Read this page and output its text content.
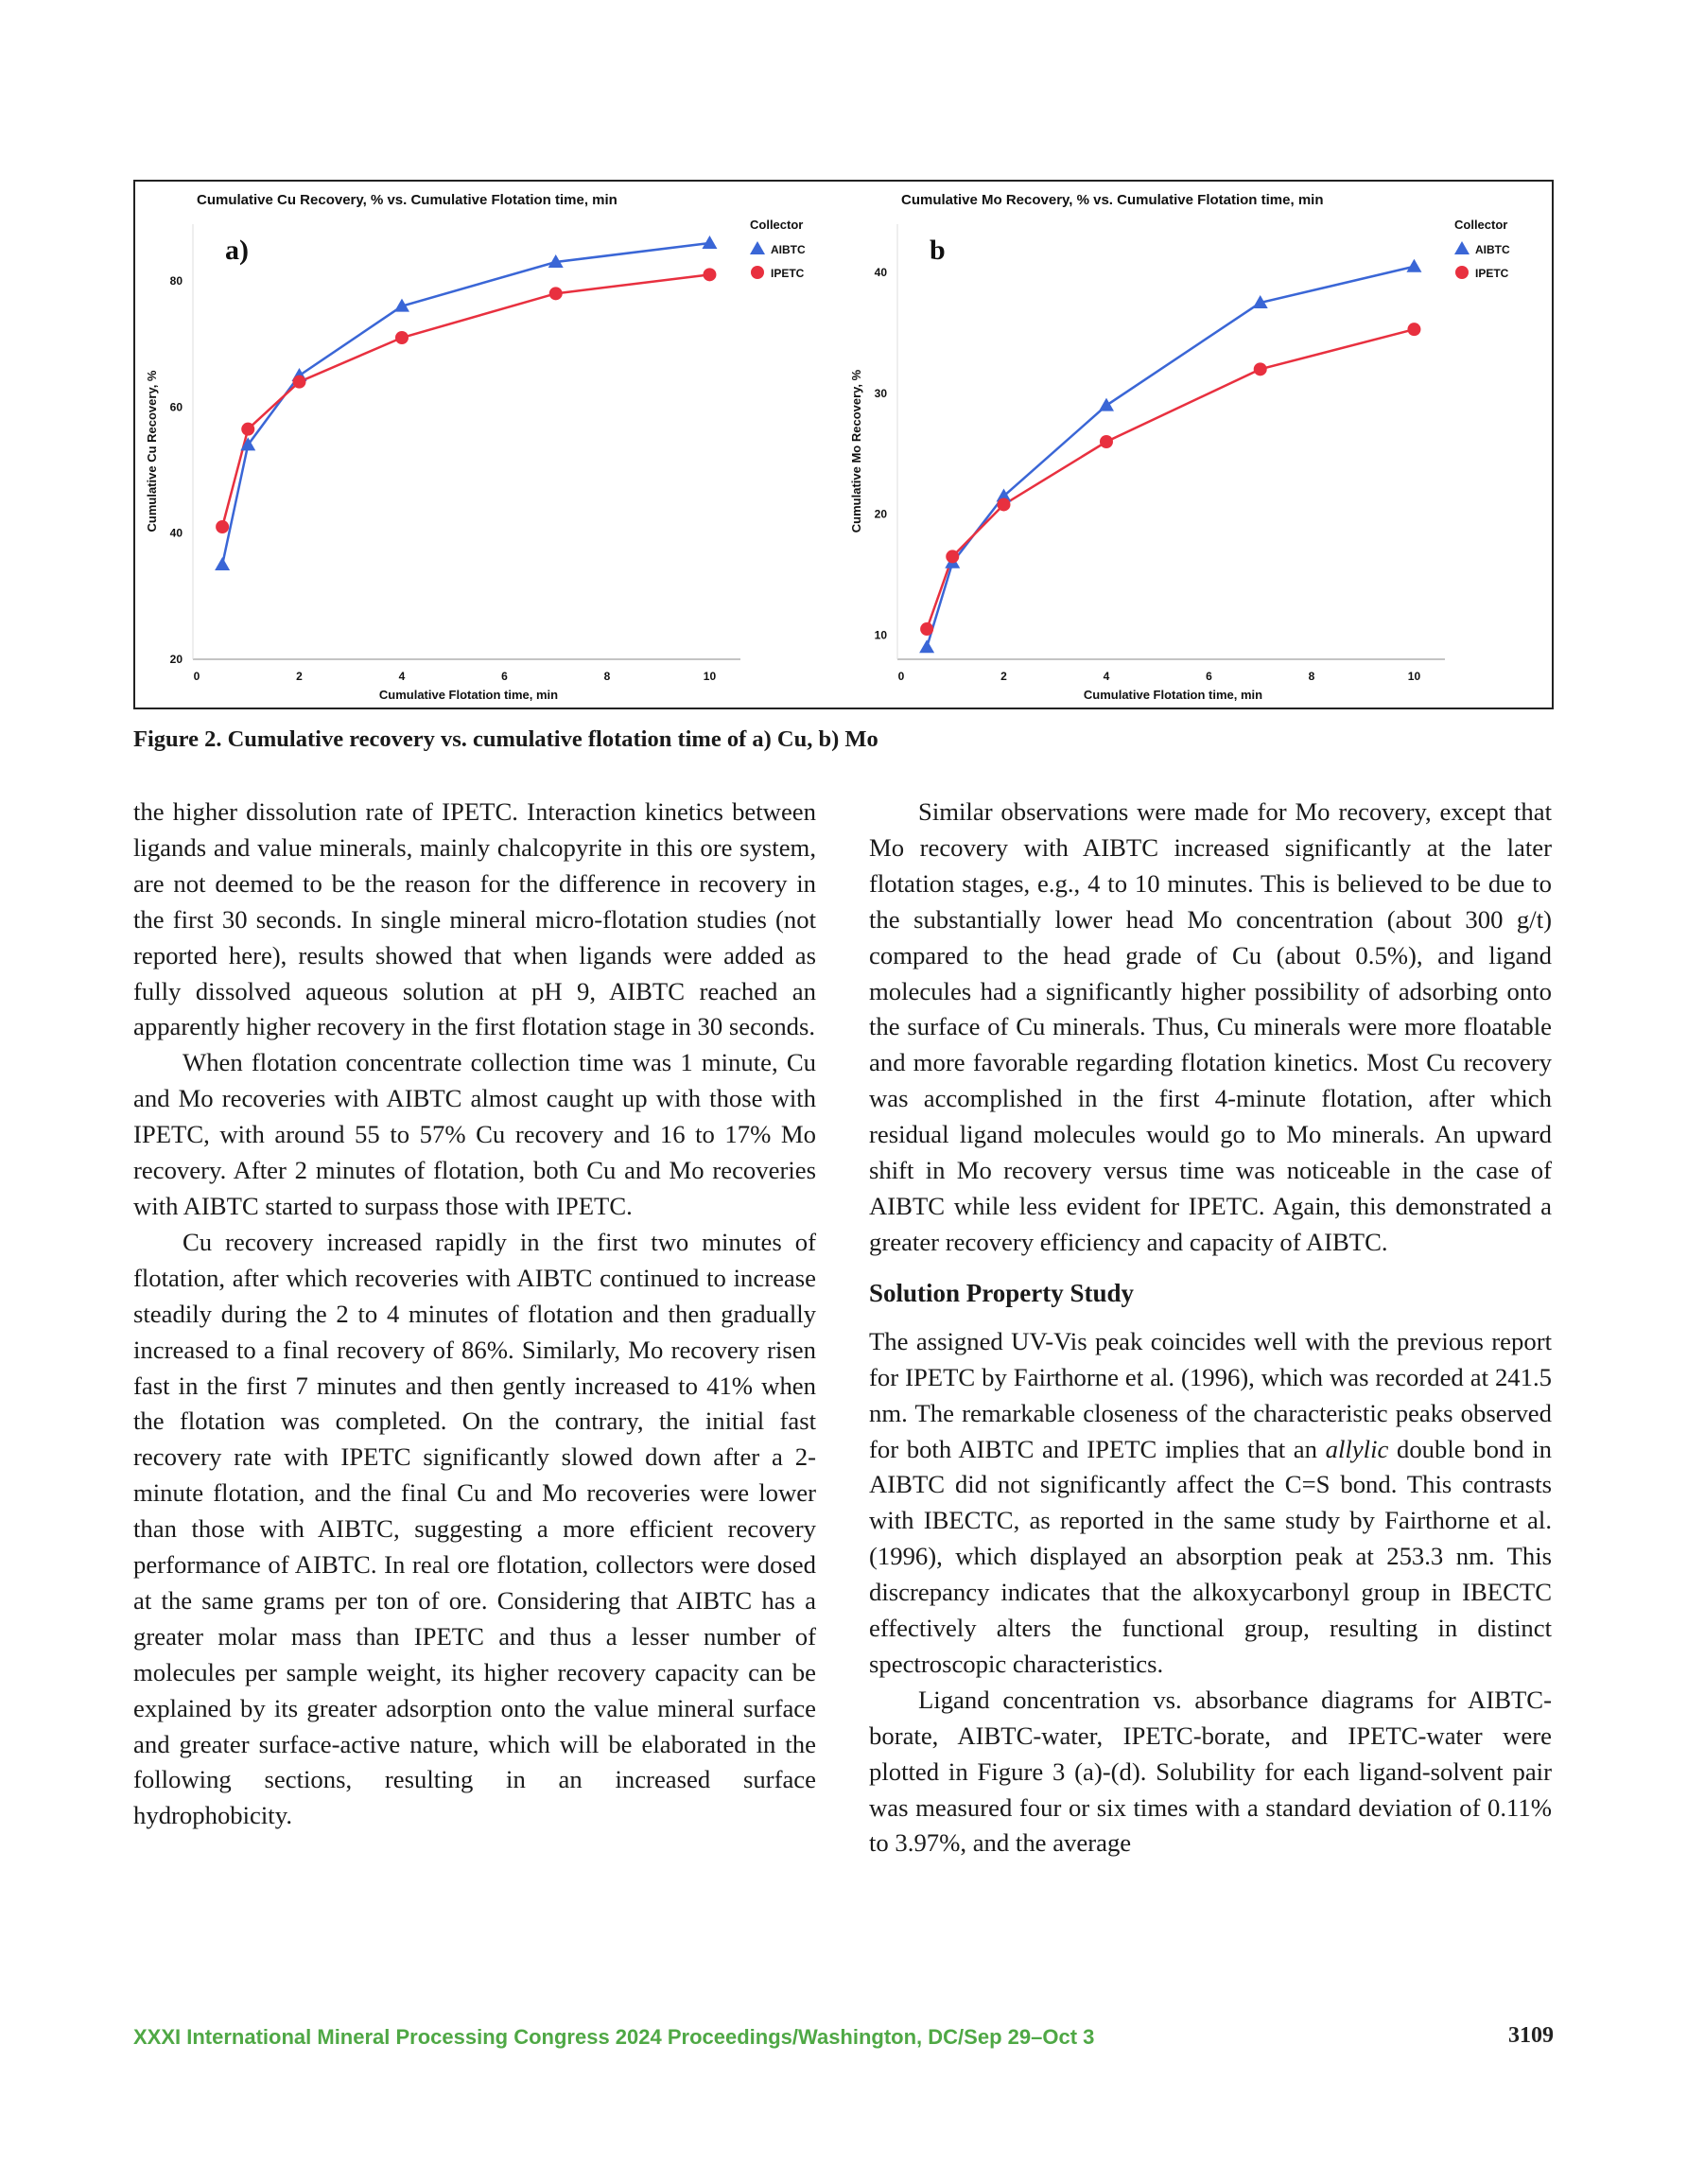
Cumulative Cu Recovery, % vs. Cumulative Flotation time, min
a)
0	2	4	6	8	10
20
40
60
80
Cumulative Flotation time, min
Cumulative Cu Recovery, %
Collector
AIBTC
IPETC
Cumulative Mo Recovery, % vs. Cumulative Flotation time, min
b
0	2	4	6	8	10
10
20
30
40
Cumulative Flotation time, min
Cumulative Mo Recovery, %
Collector
AIBTC
IPETC
Figure 2. Cumulative recovery vs. cumulative flotation time of a) Cu, b) Mo

the higher dissolution rate of IPETC. Interaction kinetics between ligands and value minerals, mainly chalcopyrite in this ore system, are not deemed to be the reason for the difference in recovery in the first 30 seconds. In single mineral micro-flotation studies (not reported here), results showed that when ligands were added as fully dissolved aqueous solution at pH 9, AIBTC reached an apparently higher recovery in the first flotation stage in 30 seconds.

When flotation concentrate collection time was 1 minute, Cu and Mo recoveries with AIBTC almost caught up with those with IPETC, with around 55 to 57% Cu recovery and 16 to 17% Mo recovery. After 2 minutes of flotation, both Cu and Mo recoveries with AIBTC started to surpass those with IPETC.

Cu recovery increased rapidly in the first two minutes of flotation, after which recoveries with AIBTC continued to increase steadily during the 2 to 4 minutes of flotation and then gradually increased to a final recovery of 86%. Similarly, Mo recovery risen fast in the first 7 minutes and then gently increased to 41% when the flotation was completed. On the contrary, the initial fast recovery rate with IPETC significantly slowed down after a 2-minute flotation, and the final Cu and Mo recoveries were lower than those with AIBTC, suggesting a more efficient recovery performance of AIBTC. In real ore flotation, collectors were dosed at the same grams per ton of ore. Considering that AIBTC has a greater molar mass than IPETC and thus a lesser number of molecules per sample weight, its higher recovery capacity can be explained by its greater adsorption onto the value mineral surface and greater surface-active nature, which will be elaborated in the following sections, resulting in an increased surface hydrophobicity.

Similar observations were made for Mo recovery, except that Mo recovery with AIBTC increased significantly at the later flotation stages, e.g., 4 to 10 minutes. This is believed to be due to the substantially lower head Mo concentration (about 300 g/t) compared to the head grade of Cu (about 0.5%), and ligand molecules had a significantly higher possibility of adsorbing onto the surface of Cu minerals. Thus, Cu minerals were more floatable and more favorable regarding flotation kinetics. Most Cu recovery was accomplished in the first 4-minute flotation, after which residual ligand molecules would go to Mo minerals. An upward shift in Mo recovery versus time was noticeable in the case of AIBTC while less evident for IPETC. Again, this demonstrated a greater recovery efficiency and capacity of AIBTC.

Solution Property Study

The assigned UV-Vis peak coincides well with the previous report for IPETC by Fairthorne et al. (1996), which was recorded at 241.5 nm. The remarkable closeness of the characteristic peaks observed for both AIBTC and IPETC implies that an allylic double bond in AIBTC did not significantly affect the C=S bond. This contrasts with IBECTC, as reported in the same study by Fairthorne et al. (1996), which displayed an absorption peak at 253.3 nm. This discrepancy indicates that the alkoxycarbonyl group in IBECTC effectively alters the functional group, resulting in distinct spectroscopic characteristics.

Ligand concentration vs. absorbance diagrams for AIBTC-borate, AIBTC-water, IPETC-borate, and IPETC-water were plotted in Figure 3 (a)-(d). Solubility for each ligand-solvent pair was measured four or six times with a standard deviation of 0.11% to 3.97%, and the average

XXXI International Mineral Processing Congress 2024 Proceedings/Washington, DC/Sep 29–Oct 3	3109
